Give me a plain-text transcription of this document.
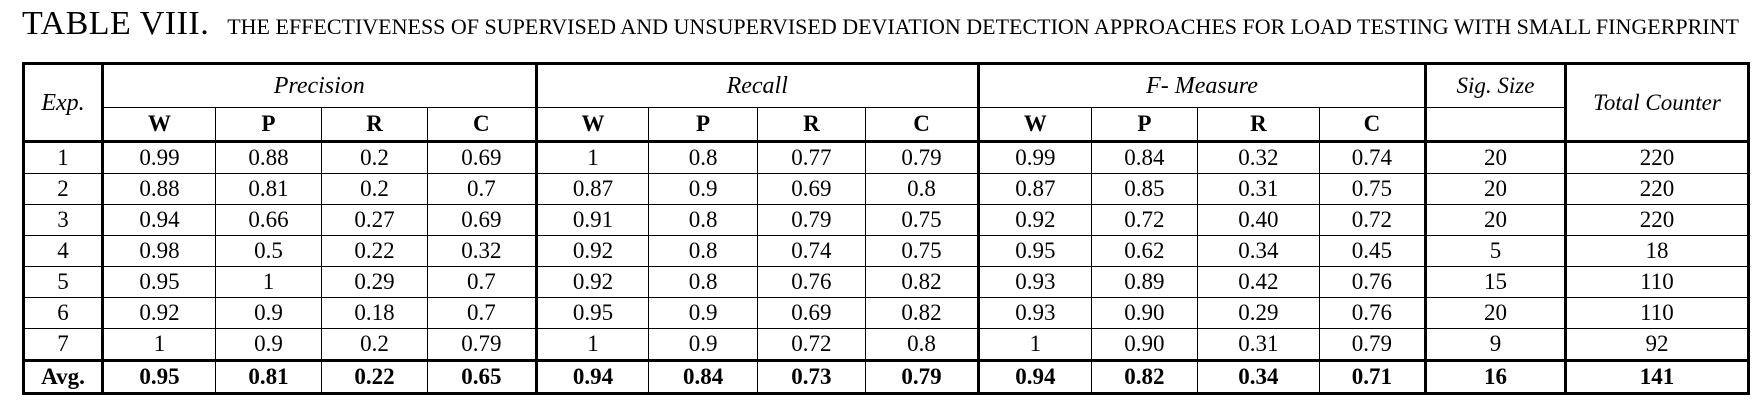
TABLE VIII. THE EFFECTIVENESS OF SUPERVISED AND UNSUPERVISED DEVIATION DETECTION APPROACHES FOR LOAD TESTING WITH SMALL FINGERPRINT
Exp.	Precision				Recall				F- Measure				Sig. Size	Total Counter
	W	P	R	C	W	P	R	C	W	P	R	C		
1	0.99	0.88	0.2	0.69	1	0.8	0.77	0.79	0.99	0.84	0.32	0.74	20	220
2	0.88	0.81	0.2	0.7	0.87	0.9	0.69	0.8	0.87	0.85	0.31	0.75	20	220
3	0.94	0.66	0.27	0.69	0.91	0.8	0.79	0.75	0.92	0.72	0.40	0.72	20	220
4	0.98	0.5	0.22	0.32	0.92	0.8	0.74	0.75	0.95	0.62	0.34	0.45	5	18
5	0.95	1	0.29	0.7	0.92	0.8	0.76	0.82	0.93	0.89	0.42	0.76	15	110
6	0.92	0.9	0.18	0.7	0.95	0.9	0.69	0.82	0.93	0.90	0.29	0.76	20	110
7	1	0.9	0.2	0.79	1	0.9	0.72	0.8	1	0.90	0.31	0.79	9	92
Avg.	0.95	0.81	0.22	0.65	0.94	0.84	0.73	0.79	0.94	0.82	0.34	0.71	16	141
